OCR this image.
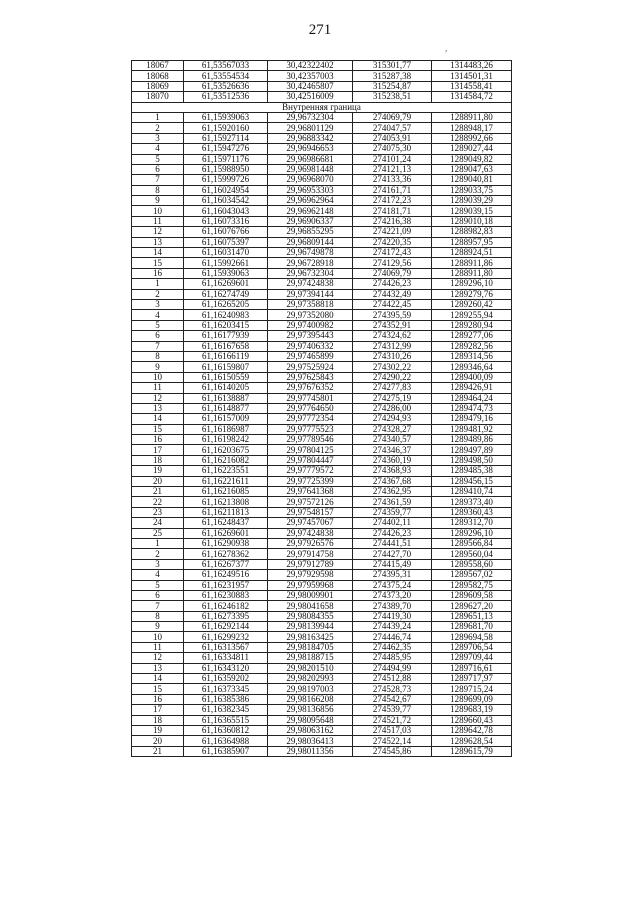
271
,
18067	61,53567033	30,42322402	315301,77	1314483,26
18068	61,53554534	30,42357003	315287,38	1314501,31
18069	61,53526636	30,42465807	315254,87	1314558,41
18070	61,53512536	30,42516009	315238,51	1314584,72
Внутренняя граница				
1	61,15939063	29,96732304	274069,79	1288911,80
2	61,15920160	29,96801129	274047,57	1288948,17
3	61,15927114	29,96883342	274053,91	1288992,66
4	61,15947276	29,96946653	274075,30	1289027,44
5	61,15971176	29,96986681	274101,24	1289049,82
6	61,15988950	29,96981448	274121,13	1289047,63
7	61,15999726	29,96968070	274133,36	1289040,81
8	61,16024954	29,96953303	274161,71	1289033,75
9	61,16034542	29,96962964	274172,23	1289039,29
10	61,16043043	29,96962148	274181,71	1289039,15
11	61,16073316	29,96906337	274216,38	1289010,18
12	61,16076766	29,96855295	274221,09	1288982,83
13	61,16075397	29,96809144	274220,35	1288957,95
14	61,16031470	29,96749878	274172,43	1288924,51
15	61,15992661	29,96728918	274129,56	1288911,86
16	61,15939063	29,96732304	274069,79	1288911,80
1	61,16269601	29,97424838	274426,23	1289296,10
2	61,16274749	29,97394144	274432,49	1289279,76
3	61,16265205	29,97358818	274422,45	1289260,42
4	61,16240983	29,97352080	274395,59	1289255,94
5	61,16203415	29,97400982	274352,91	1289280,94
6	61,16177939	29,97395443	274324,62	1289277,06
7	61,16167658	29,97406332	274312,99	1289282,56
8	61,16166119	29,97465899	274310,26	1289314,56
9	61,16159807	29,97525924	274302,22	1289346,64
10	61,16150559	29,97625843	274290,22	1289400,09
11	61,16140205	29,97676352	274277,83	1289426,91
12	61,16138887	29,97745801	274275,19	1289464,24
13	61,16148877	29,97764650	274286,00	1289474,73
14	61,16157009	29,97772354	274294,93	1289479,16
15	61,16186987	29,97775523	274328,27	1289481,92
16	61,16198242	29,97789546	274340,57	1289489,86
17	61,16203675	29,97804125	274346,37	1289497,89
18	61,16216082	29,97804447	274360,19	1289498,50
19	61,16223551	29,97779572	274368,93	1289485,38
20	61,16221611	29,97725399	274367,68	1289456,15
21	61,16216085	29,97641368	274362,95	1289410,74
22	61,16213808	29,97572126	274361,59	1289373,40
23	61,16211813	29,97548157	274359,77	1289360,43
24	61,16248437	29,97457067	274402,11	1289312,70
25	61,16269601	29,97424838	274426,23	1289296,10
1	61,16290938	29,97926576	274441,51	1289566,84
2	61,16278362	29,97914758	274427,70	1289560,04
3	61,16267377	29,97912789	274415,49	1289558,60
4	61,16249516	29,97929598	274395,31	1289567,02
5	61,16231957	29,97959968	274375,24	1289582,75
6	61,16230883	29,98009901	274373,20	1289609,58
7	61,16246182	29,98041658	274389,70	1289627,20
8	61,16273395	29,98084355	274419,30	1289651,13
9	61,16292144	29,98139944	274439,24	1289681,70
10	61,16299232	29,98163425	274446,74	1289694,58
11	61,16313567	29,98184705	274462,35	1289706,54
12	61,16334811	29,98188715	274485,95	1289709,44
13	61,16343120	29,98201510	274494,99	1289716,61
14	61,16359202	29,98202993	274512,88	1289717,97
15	61,16373345	29,98197003	274528,73	1289715,24
16	61,16385386	29,98166208	274542,67	1289699,09
17	61,16382345	29,98136856	274539,77	1289683,19
18	61,16365515	29,98095648	274521,72	1289660,43
19	61,16360812	29,98063162	274517,03	1289642,78
20	61,16364988	29,98036413	274522,14	1289628,54
21	61,16385907	29,98011356	274545,86	1289615,79
